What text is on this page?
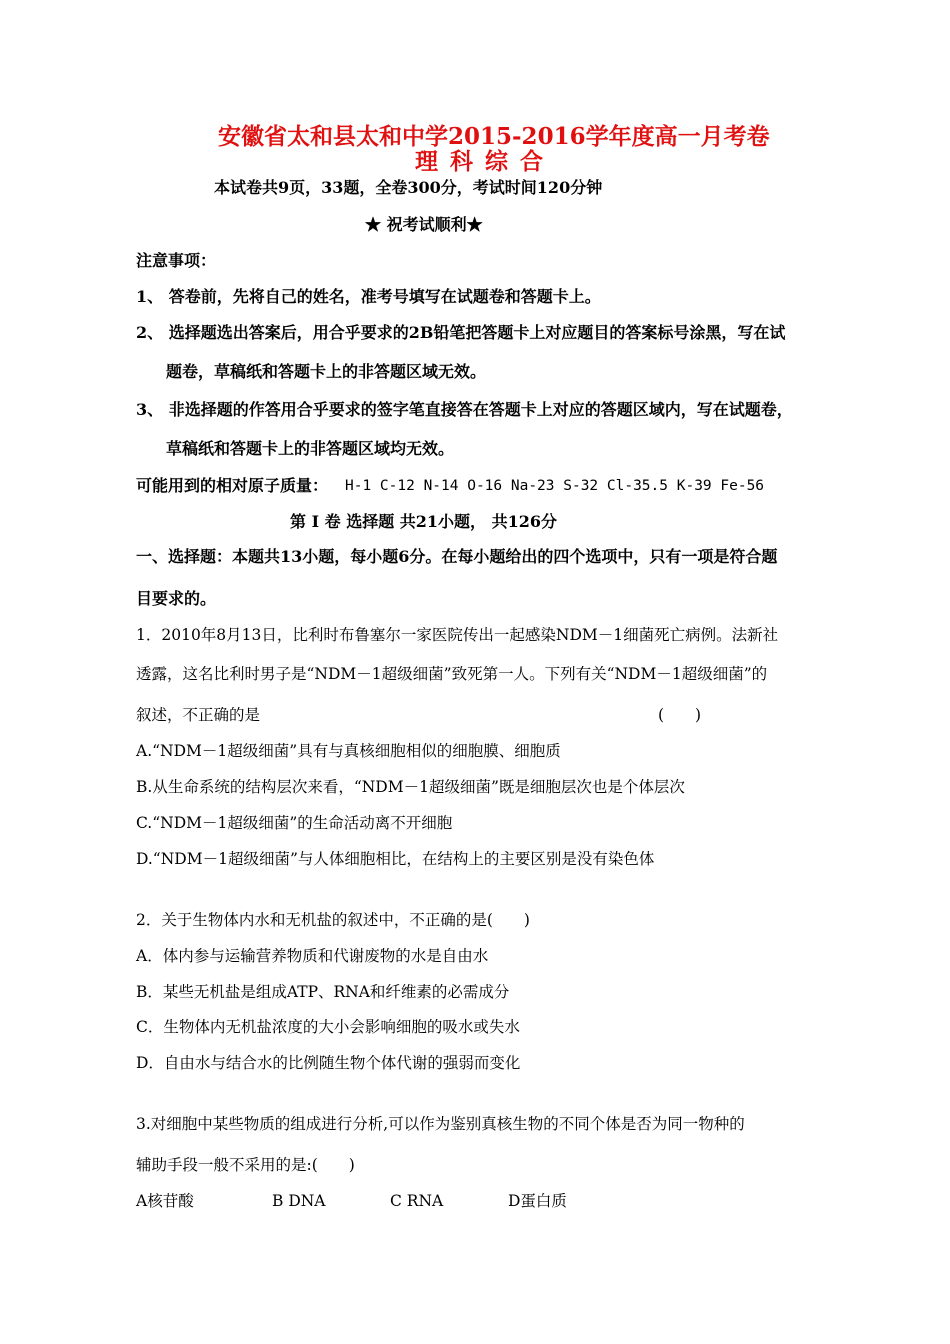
安徽省太和县太和中学2015-2016学年度高一月考卷
理 科 综 合
本试卷共9页，33题，全卷300分，考试时间120分钟
★ 祝考试顺利★
注意事项：
1、 答卷前，先将自己的姓名，准考号填写在试题卷和答题卡上。
2、 选择题选出答案后，用合乎要求的2B铅笔把答题卡上对应题目的答案标号涂黑，写在试
题卷，草稿纸和答题卡上的非答题区域无效。
3、 非选择题的作答用合乎要求的签字笔直接答在答题卡上对应的答题区域内，写在试题卷，
草稿纸和答题卡上的非答题区域均无效。
可能用到的相对原子质量： H-1 C-12 N-14 O-16 Na-23 S-32 Cl-35.5 K-39 Fe-56
第 Ⅰ 卷 选择题 共21小题， 共126分
一、选择题：本题共13小题，每小题6分。在每小题给出的四个选项中，只有一项是符合题
目要求的。
1．2010年8月13日，比利时布鲁塞尔一家医院传出一起感染NDM－1细菌死亡病例。法新社
透露，这名比利时男子是“NDM－1超级细菌”致死第一人。下列有关“NDM－1超级细菌”的
叙述，不正确的是	(　　)
A.“NDM－1超级细菌”具有与真核细胞相似的细胞膜、细胞质
B.从生命系统的结构层次来看，“NDM－1超级细菌”既是细胞层次也是个体层次
C.“NDM－1超级细菌”的生命活动离不开细胞
D.“NDM－1超级细菌”与人体细胞相比，在结构上的主要区别是没有染色体
2．关于生物体内水和无机盐的叙述中，不正确的是(　　)
A．体内参与运输营养物质和代谢废物的水是自由水
B．某些无机盐是组成ATP、RNA和纤维素的必需成分
C．生物体内无机盐浓度的大小会影响细胞的吸水或失水
D．自由水与结合水的比例随生物个体代谢的强弱而变化
3.对细胞中某些物质的组成进行分析,可以作为鉴别真核生物的不同个体是否为同一物种的
辅助手段一般不采用的是:(　　)
A核苷酸	B DNA	C RNA	D蛋白质
